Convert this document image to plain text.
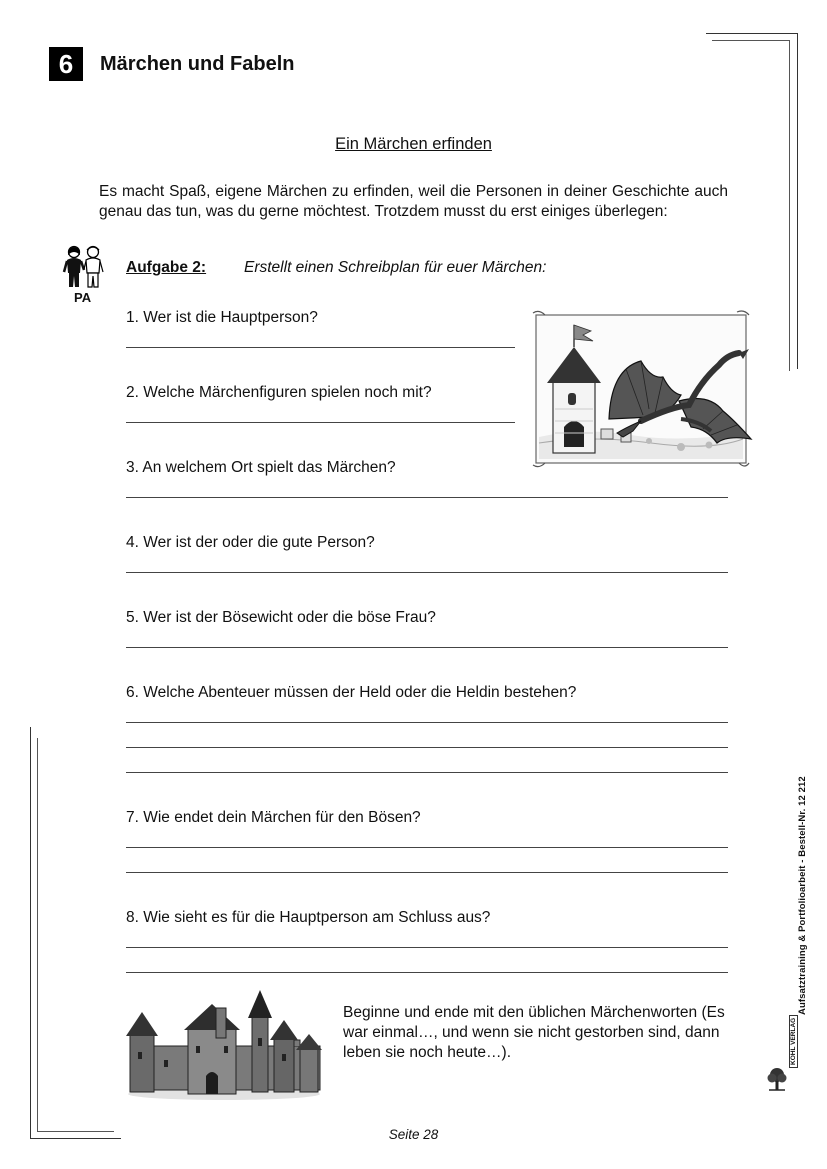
6	Märchen und Fabeln
Ein Märchen erfinden
Es macht Spaß, eigene Märchen zu erfinden, weil die Personen in deiner Geschichte auch genau das tun, was du gerne möchtest. Trotzdem musst du erst einiges überlegen:
PA
Aufgabe 2: Erstellt einen Schreibplan für euer Märchen:
1. Wer ist die Hauptperson?
2. Welche Märchenfiguren spielen noch mit?
3. An welchem Ort spielt das Märchen?
4. Wer ist der oder die gute Person?
5. Wer ist der Bösewicht oder die böse Frau?
6. Welche Abenteuer müssen der Held oder die Heldin bestehen?
7. Wie endet dein Märchen für den Bösen?
8. Wie sieht es für die Hauptperson am Schluss aus?
Beginne und ende mit den üblichen Märchenworten (Es war einmal…, und wenn sie nicht gestorben sind, dann leben sie noch heute…).
Aufsatztraining & Portfolioarbeit - Bestell-Nr. 12 212
KOHL VERLAG
Seite 28
